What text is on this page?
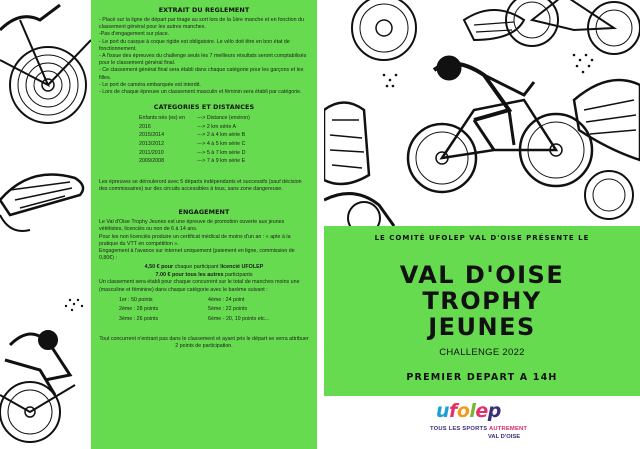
EXTRAIT DU REGLEMENT

- Placé sur la ligne de départ par tirage au sort lors de la 1ère manche et en fonction du classement général pour les autres manches.

-Pas d'engagement sur place.

- Le port du casque à coque rigide est obligatoire. Le vélo doit être en bon état de fonctionnement.

- A l'issue des épreuves du challenge seuls les 7 meilleurs résultats seront comptabilisés pour le classement général final.

- Ce classement général final sera établi dans chaque catégorie pour les garçons et les filles.

- Le port de caméra embarquée est interdit.

- Lors de chaque épreuve un classement masculin et féminin sera établi par catégorie.

CATEGORIES ET DISTANCES
Enfants nés (es) en	---> Distance (environ)
2016	---> 2 km série A
2015/2014	---> 2 à 4 km série B
2013/2012	---> 4 à 5 km série C
2011/2010	---> 5 à 7 km série D
2009/2008	---> 7 à 9 km série E

Les épreuves se dérouleront avec 5 départs indépendants et successifs (sauf décision des commissaires) sur des circuits accessibles à tous, sans zone dangereuse.

ENGAGEMENT

Le Val d'Oise Trophy Jeunes est une épreuve de promotion ouverte aux jeunes vététistes, licenciés ou non de 6 à 14 ans.
Pour les non licenciés produire un certificat médical de moins d'un an : « apte à la pratique du VTT en compétition ».
Engagement à l'avance sur internet uniquement (paiement en ligne, commission de 0,80€) :

4,50 € pour chaque participant licencié UFOLEP

7.00 € pour tous les autres participants

Un classement sera établi pour chaque concurrent sur le total de manches moins une (masculine et féminine) dans chaque catégorie avec le barème suivant :

1er : 50 points	4ème : 24 point
2ème : 28 points	5ème : 22 points
3ème : 26 points	6ème - 20, 19 points etc...

Tout concurrent n'entrant pas dans le classement et ayant pris le départ se verra attribuer 2 points de participation.

LE COMITÉ UFOLEP VAL D'OISE PRÉSENTE LE
VAL D'OISE
TROPHY
JEUNES
CHALLENGE 2022
PREMIER DEPART A 14H
ufolep
TOUS LES SPORTS AUTREMENT
VAL D'OISE
